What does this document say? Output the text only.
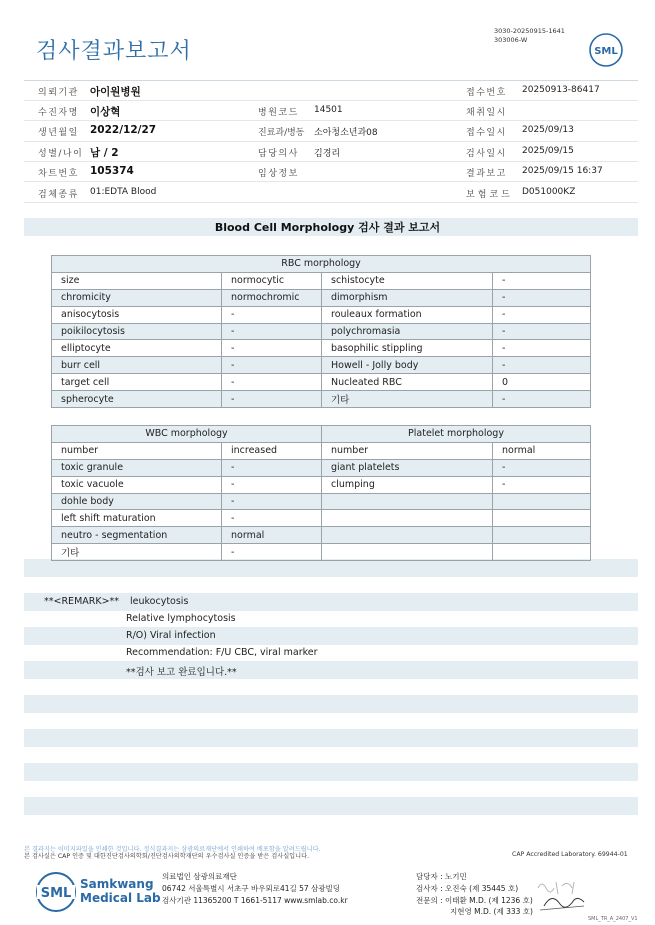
검사결과보고서
3030-20250915-1641
303006-W
SML
의뢰기관 아이원병원	접수번호 20250913-86417
수진자명 이상혁	병원코드 14501	채취일시
생년월일 2022/12/27	진료과/병동 소아청소년과08	접수일시 2025/09/13
성별/나이 남 / 2	담당의사 김경리	검사일시 2025/09/15
차트번호 105374	임상정보	결과보고 2025/09/15 16:37
검체종류 01:EDTA Blood	보험코드 D051000KZ
Blood Cell Morphology 검사 결과 보고서
RBC morphology			
size	normocytic	schistocyte	-
chromicity	normochromic	dimorphism	-
anisocytosis	-	rouleaux formation	-
poikilocytosis	-	polychromasia	-
elliptocyte	-	basophilic stippling	-
burr cell	-	Howell - Jolly body	-
target cell	-	Nucleated RBC	0
spherocyte	-	기타	-
WBC morphology		Platelet morphology	
number	increased	number	normal
toxic granule	-	giant platelets	-
toxic vacuole	-	clumping	-
dohle body	-		
left shift maturation	-		
neutro - segmentation	normal		
기타	-		
**<REMARK>** leukocytosis
Relative lymphocytosis
R/O) Viral infection
Recommendation: F/U CBC, viral marker
**검사 보고 완료입니다.**
본 결과지는 이미지파일을 인쇄한 것입니다. 정식결과지는 삼광의료재단에서 인쇄하여 배포함을 알려드립니다.
본 검사실은 CAP 인증 및 대한진단검사의학회/진단검사의학재단의 우수검사실 인증을 받은 검사실입니다.	CAP Accredited Laboratory. 69944-01
SML
Samkwang
Medical Lab
의료법인 삼광의료재단
06742 서울특별시 서초구 바우뫼로41길 57 삼광빌딩
검사기관 11365200 T 1661-5117 www.smlab.co.kr
담당자 : 노기민
검사자 : 오진숙 (제 35445 호)
전문의 : 이태환 M.D. (제 1236 호)
지현영 M.D. (제 333 호)
SML_TR_A_2407_V1
